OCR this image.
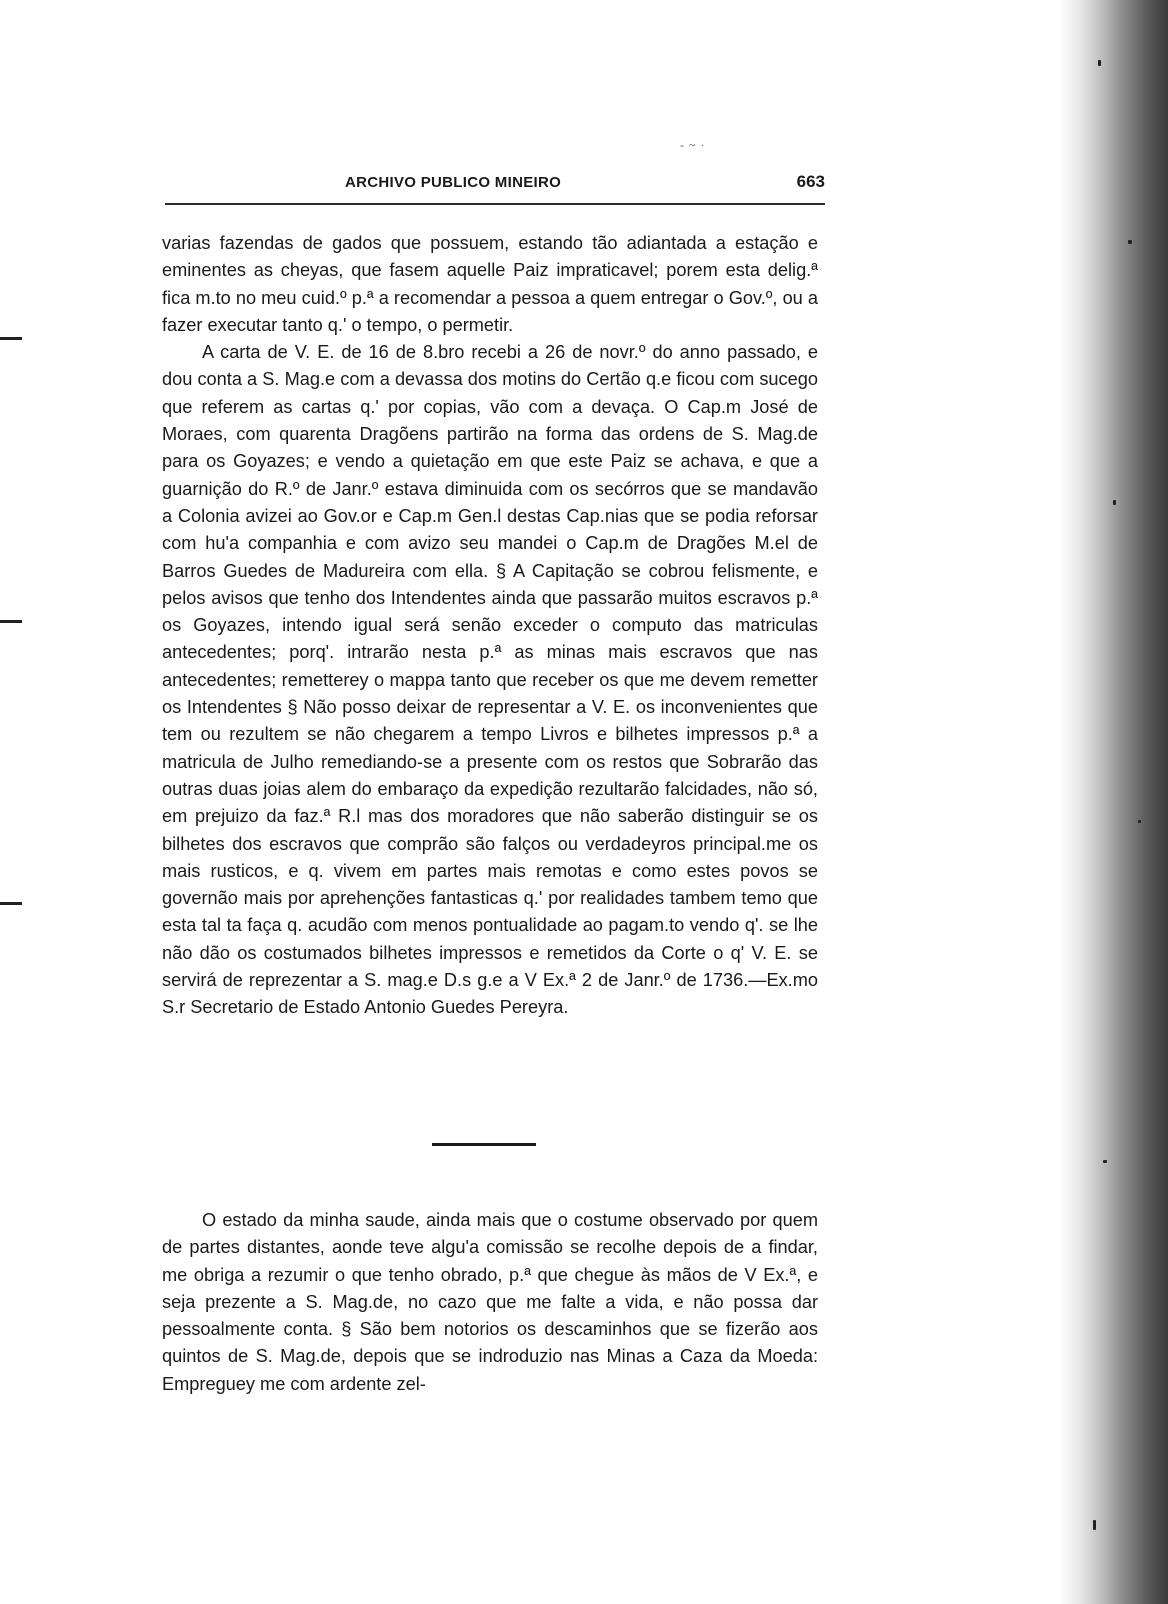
- ~ ·
ARCHIVO PUBLICO MINEIRO	663

varias fazendas de gados que possuem, estando tão adiantada a estação e eminentes as cheyas, que fasem aquelle Paiz impraticavel; porem esta delig.ª fica m.to no meu cuid.º p.ª a recomendar a pessoa a quem entregar o Gov.º, ou a fazer executar tanto q.' o tempo, o permetir.

A carta de V. E. de 16 de 8.bro recebi a 26 de novr.º do anno passado, e dou conta a S. Mag.e com a devassa dos motins do Certão q.e ficou com sucego que referem as cartas q.' por copias, vão com a devaça. O Cap.m José de Moraes, com quarenta Dragõens partirão na forma das ordens de S. Mag.de para os Goyazes; e vendo a quietação em que este Paiz se achava, e que a guarnição do R.º de Janr.º estava diminuida com os secórros que se mandavão a Colonia avizei ao Gov.or e Cap.m Gen.l destas Cap.nias que se podia reforsar com hu'a companhia e com avizo seu mandei o Cap.m de Dragões M.el de Barros Guedes de Madureira com ella. § A Capitação se cobrou felismente, e pelos avisos que tenho dos Intendentes ainda que passarão muitos escravos p.ª os Goyazes, intendo igual será senão exceder o computo das matriculas antecedentes; porq'. intrarão nesta p.ª as minas mais escravos que nas antecedentes; remetterey o mappa tanto que receber os que me devem remetter os Intendentes § Não posso deixar de representar a V. E. os inconvenientes que tem ou rezultem se não chegarem a tempo Livros e bilhetes impressos p.ª a matricula de Julho remediando-se a presente com os restos que Sobrarão das outras duas joias alem do embaraço da expedição rezultarão falcidades, não só, em prejuizo da faz.ª R.l mas dos moradores que não saberão distinguir se os bilhetes dos escravos que comprão são falços ou verdadeyros principal.me os mais rusticos, e q. vivem em partes mais remotas e como estes povos se governão mais por aprehenções fantasticas q.' por realidades tambem temo que esta tal ta faça q. acudão com menos pontualidade ao pagam.to vendo q'. se lhe não dão os costumados bilhetes impressos e remetidos da Corte o q' V. E. se servirá de reprezentar a S. mag.e D.s g.e a V Ex.ª 2 de Janr.º de 1736.—Ex.mo S.r Secretario de Estado Antonio Guedes Pereyra.

O estado da minha saude, ainda mais que o costume observado por quem de partes distantes, aonde teve algu'a comissão se recolhe depois de a findar, me obriga a rezumir o que tenho obrado, p.ª que chegue às mãos de V Ex.ª, e seja prezente a S. Mag.de, no cazo que me falte a vida, e não possa dar pessoalmente conta. § São bem notorios os descaminhos que se fizerão aos quintos de S. Mag.de, depois que se indroduzio nas Minas a Caza da Moeda: Empreguey me com ardente zel-
